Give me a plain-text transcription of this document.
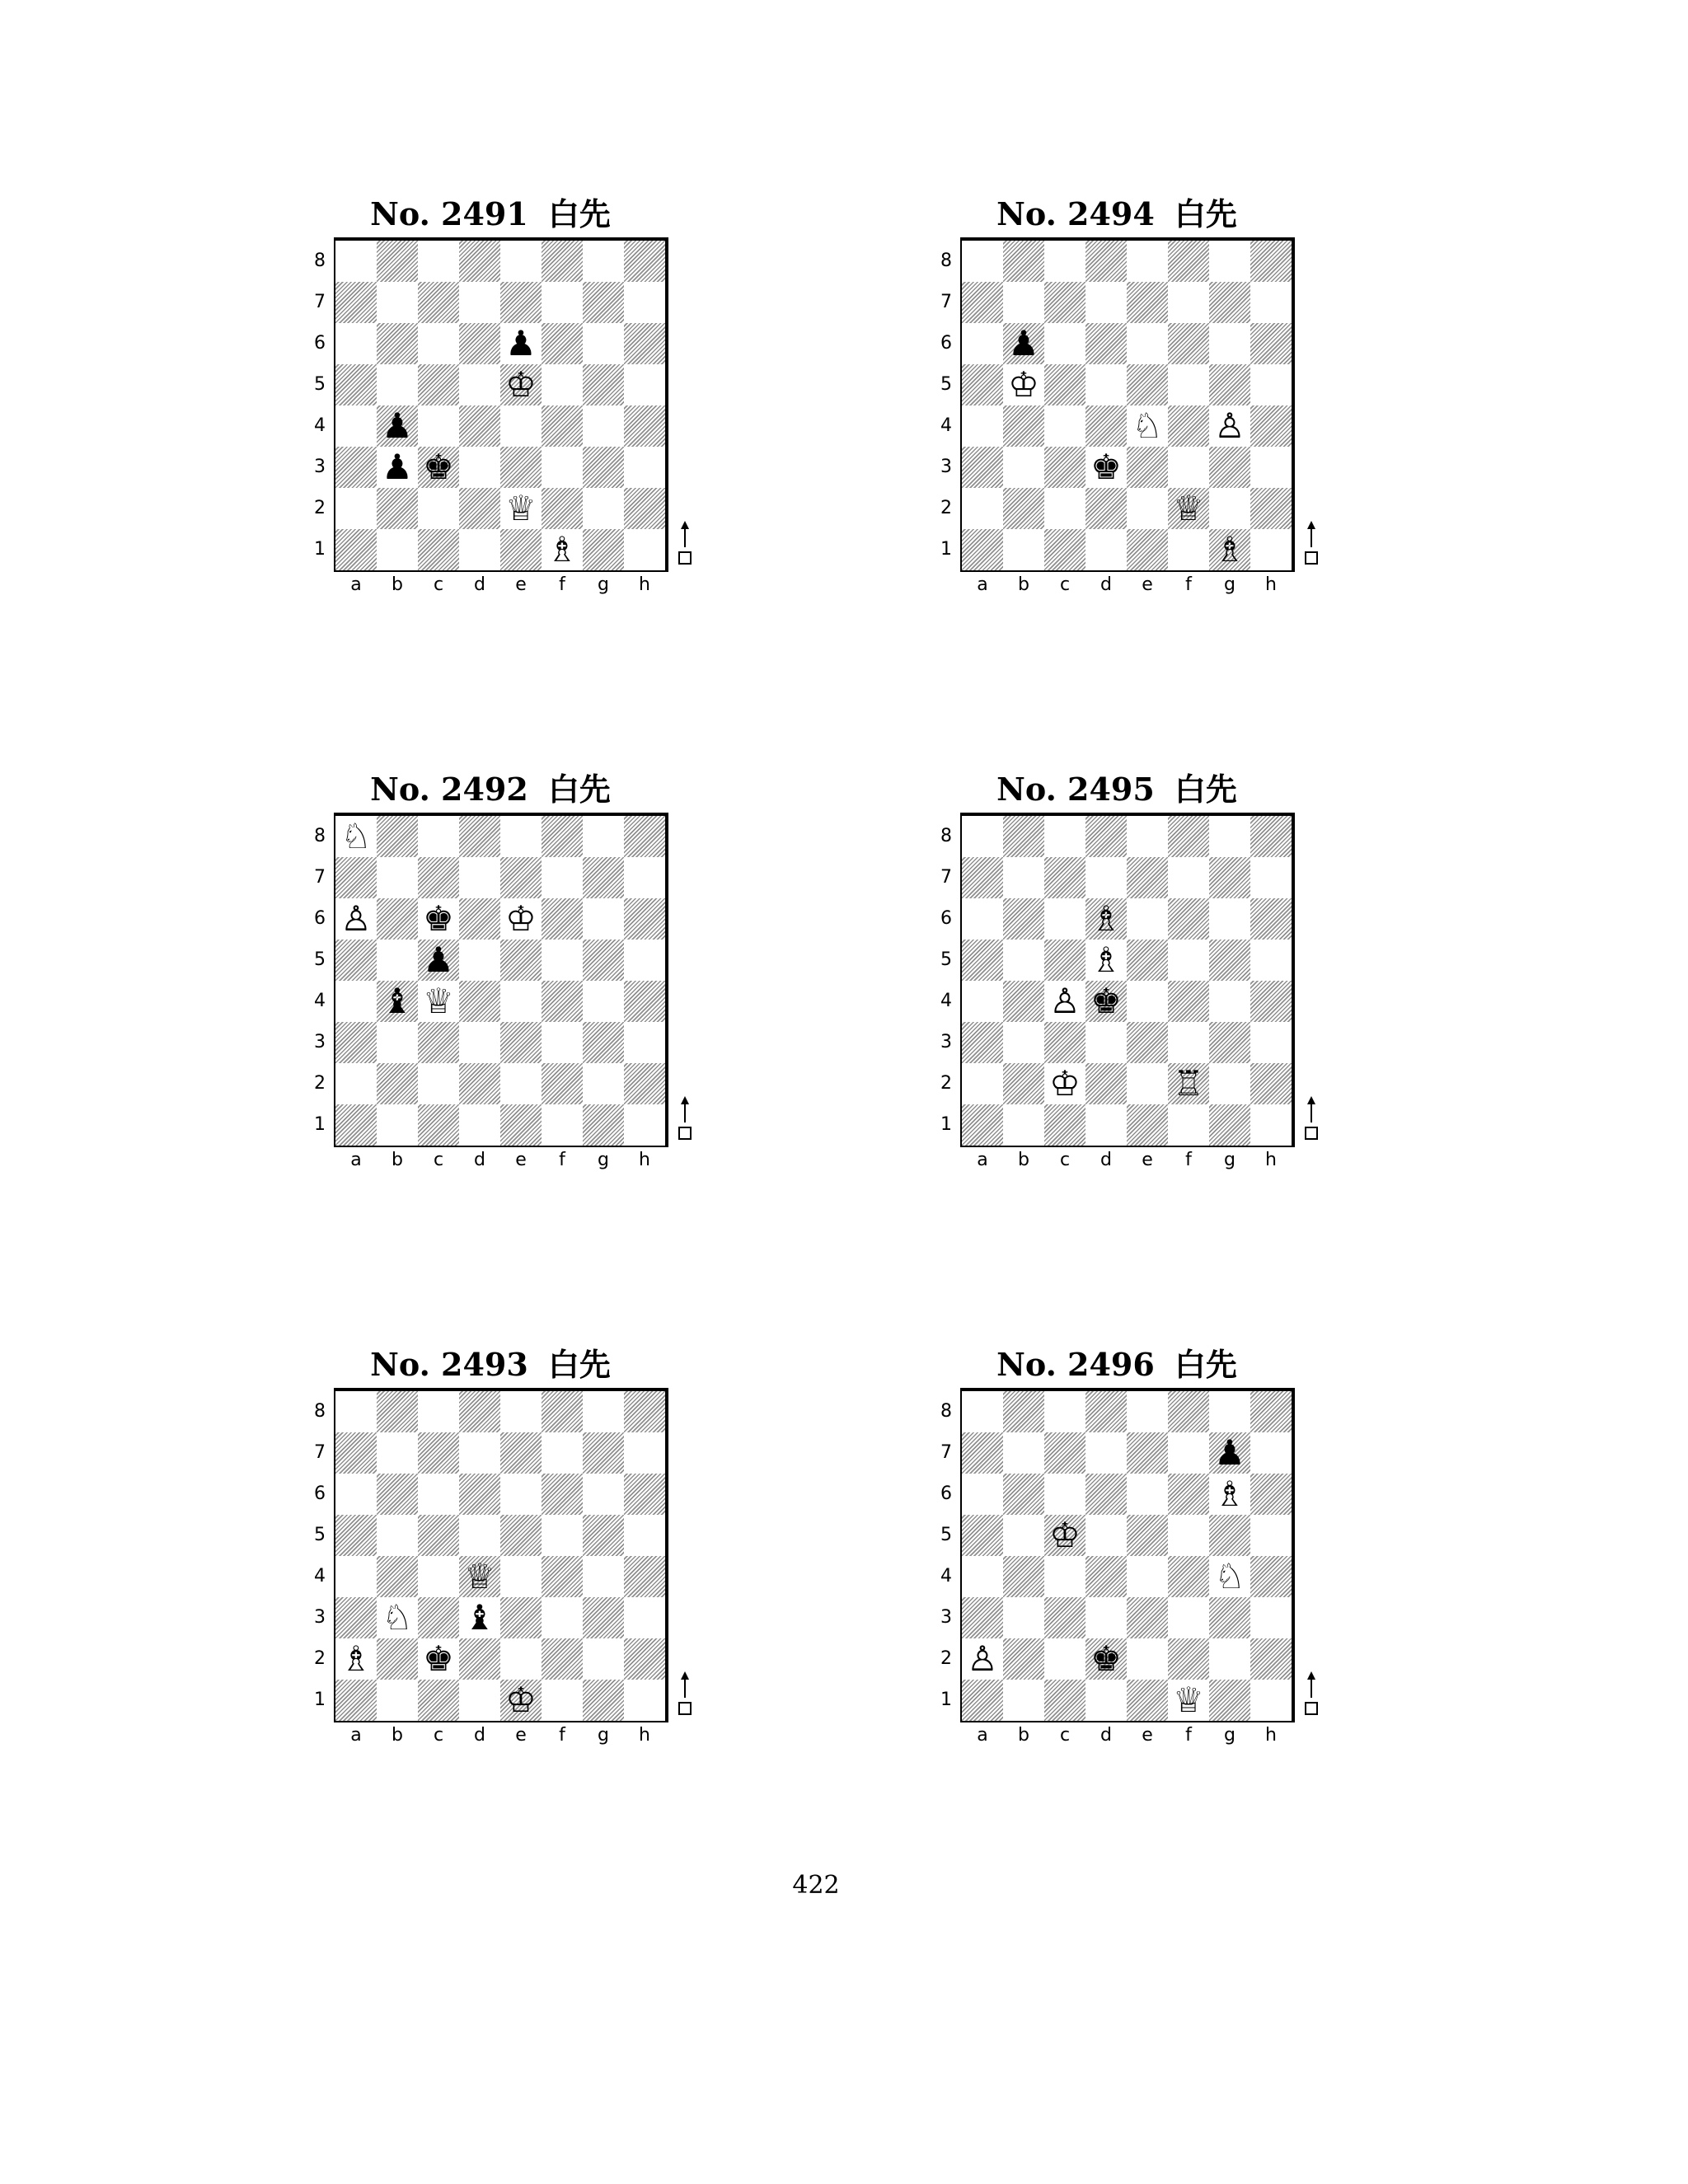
No. 2491 白先
♟
♔
♟
♟ ♚
♕
♗
8
7
6
5
4
3
2
1
a	b	c	d	e	f	g	h
No. 2494 白先
♟
♔
♘ ♙
♚
♕
♗
8
7
6
5
4
3
2
1
a	b	c	d	e	f	g	h
No. 2492 白先
♘
♙ ♚ ♔
♟
♝ ♕
8
7
6
5
4
3
2
1
a	b	c	d	e	f	g	h
No. 2495 白先
♗
♗
♙ ♚
♔	♖
8
7
6
5
4
3
2
1
a	b	c	d	e	f	g	h
No. 2493 白先
♕
♘ ♝
♗ ♚
♔
8
7
6
5
4
3
2
1
a	b	c	d	e	f	g	h
No. 2496 白先
♟
♗
♔
♘
♙	♚
♕
8
7
6
5
4
3
2
1
a	b	c	d	e	f	g	h
422
